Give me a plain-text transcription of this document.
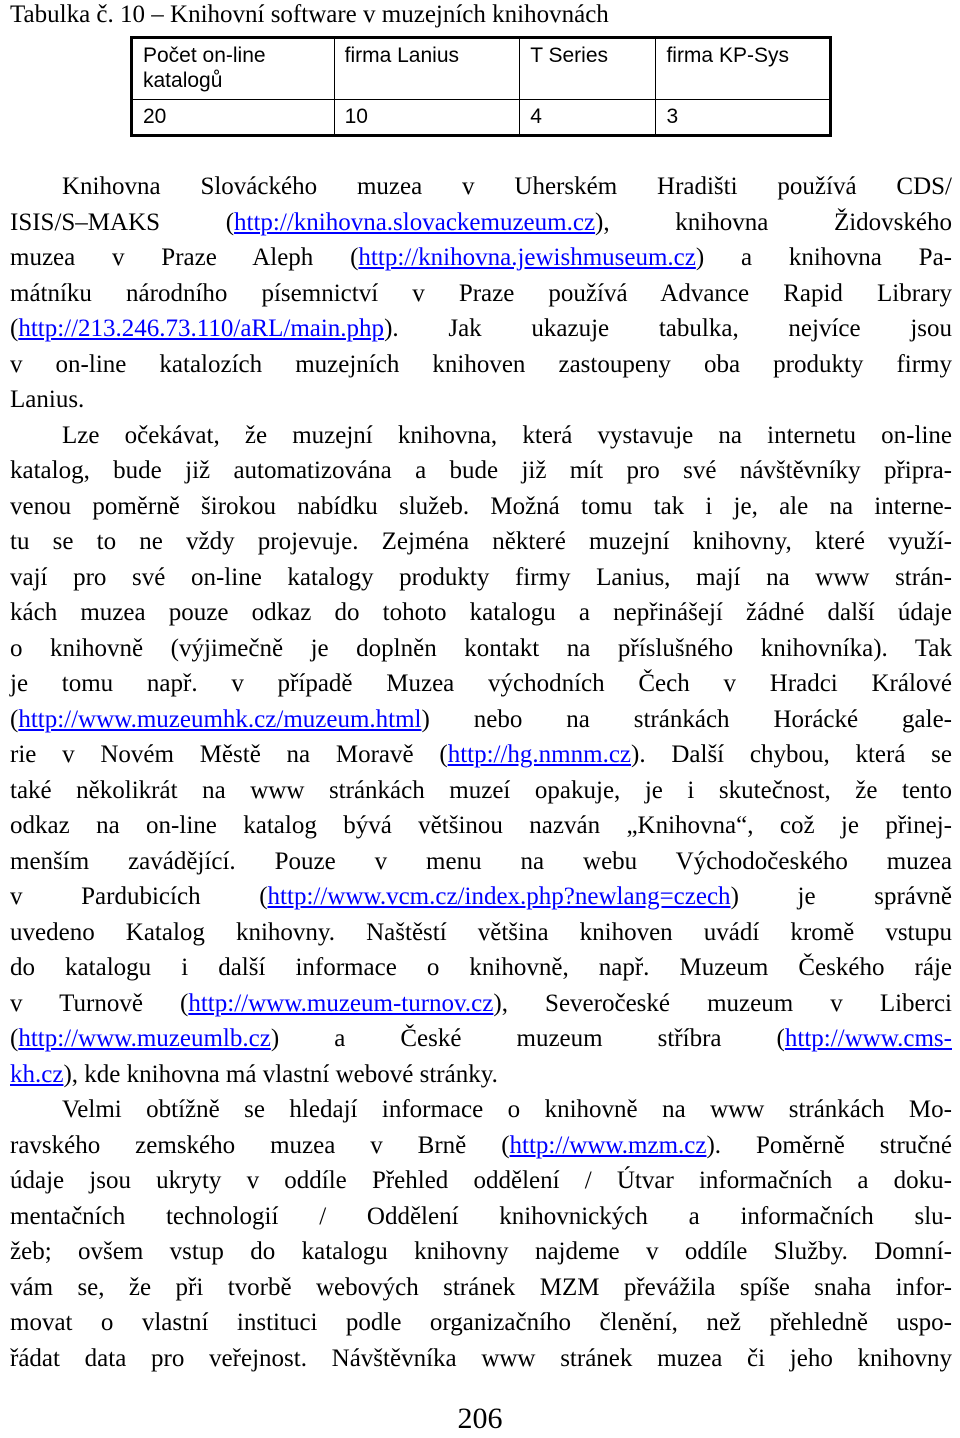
Tabulka č. 10 – Knihovní software v muzejních knihovnách
Počet on-line katalogů	firma Lanius	T Series	firma KP-Sys
20	10	4	3

Knihovna Slováckého muzea v Uherském Hradišti používá CDS/

ISIS/S–MAKS (http://knihovna.slovackemuzeum.cz), knihovna Židovského

muzea v Praze Aleph (http://knihovna.jewishmuseum.cz) a knihovna Pa-

mátníku národního písemnictví v Praze používá Advance Rapid Library

(http://213.246.73.110/aRL/main.php). Jak ukazuje tabulka, nejvíce jsou

v on-line katalozích muzejních knihoven zastoupeny oba produkty firmy

Lanius.

Lze očekávat, že muzejní knihovna, která vystavuje na internetu on-line

katalog, bude již automatizována a bude již mít pro své návštěvníky připra-

venou poměrně širokou nabídku služeb. Možná tomu tak i je, ale na interne-

tu se to ne vždy projevuje. Zejména některé muzejní knihovny, které využí-

vají pro své on-line katalogy produkty firmy Lanius, mají na www strán-

kách muzea pouze odkaz do tohoto katalogu a nepřinášejí žádné další údaje

o knihovně (výjimečně je doplněn kontakt na příslušného knihovníka). Tak

je tomu např. v případě Muzea východních Čech v Hradci Králové

(http://www.muzeumhk.cz/muzeum.html) nebo na stránkách Horácké gale-

rie v Novém Městě na Moravě (http://hg.nmnm.cz). Další chybou, která se

také několikrát na www stránkách muzeí opakuje, je i skutečnost, že tento

odkaz na on-line katalog bývá většinou nazván „Knihovna“, což je přinej-

menším zavádějící. Pouze v menu na webu Východočeského muzea

v Pardubicích (http://www.vcm.cz/index.php?newlang=czech) je správně

uvedeno Katalog knihovny. Naštěstí většina knihoven uvádí kromě vstupu

do katalogu i další informace o knihovně, např. Muzeum Českého ráje

v Turnově (http://www.muzeum-turnov.cz), Severočeské muzeum v Liberci

(http://www.muzeumlb.cz) a České muzeum stříbra (http://www.cms-

kh.cz), kde knihovna má vlastní webové stránky.

Velmi obtížně se hledají informace o knihovně na www stránkách Mo-

ravského zemského muzea v Brně (http://www.mzm.cz). Poměrně stručné

údaje jsou ukryty v oddíle Přehled oddělení / Útvar informačních a doku-

mentačních technologií / Oddělení knihovnických a informačních slu-

žeb; ovšem vstup do katalogu knihovny najdeme v oddíle Služby. Domní-

vám se, že při tvorbě webových stránek MZM převážila spíše snaha infor-

movat o vlastní instituci podle organizačního členění, než přehledně uspo-

řádat data pro veřejnost. Návštěvníka www stránek muzea či jeho knihovny

206
